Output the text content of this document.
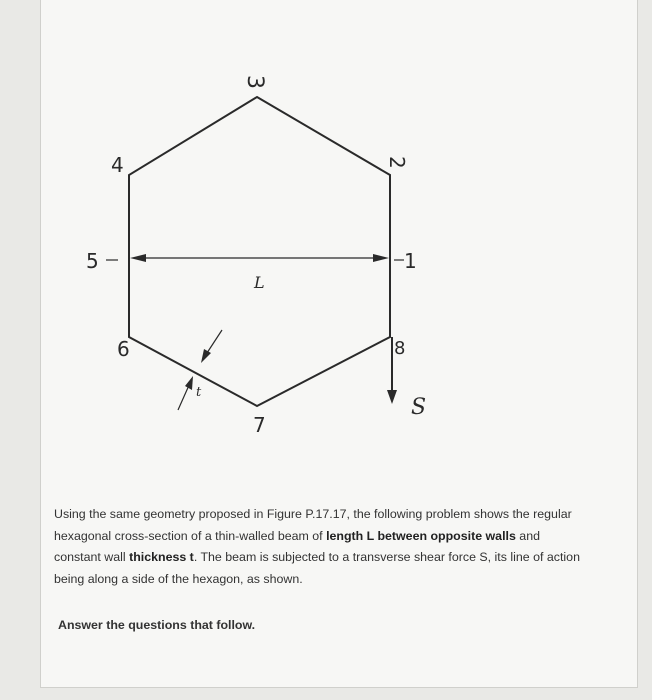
3
2
4
5	1
6	8
7
L
t
S

Using the same geometry proposed in Figure P.17.17, the following problem shows the regular hexagonal cross-section of a thin-walled beam of length L between opposite walls and constant wall thickness t. The beam is subjected to a transverse shear force S, its line of action being along a side of the hexagon, as shown.

Answer the questions that follow.
